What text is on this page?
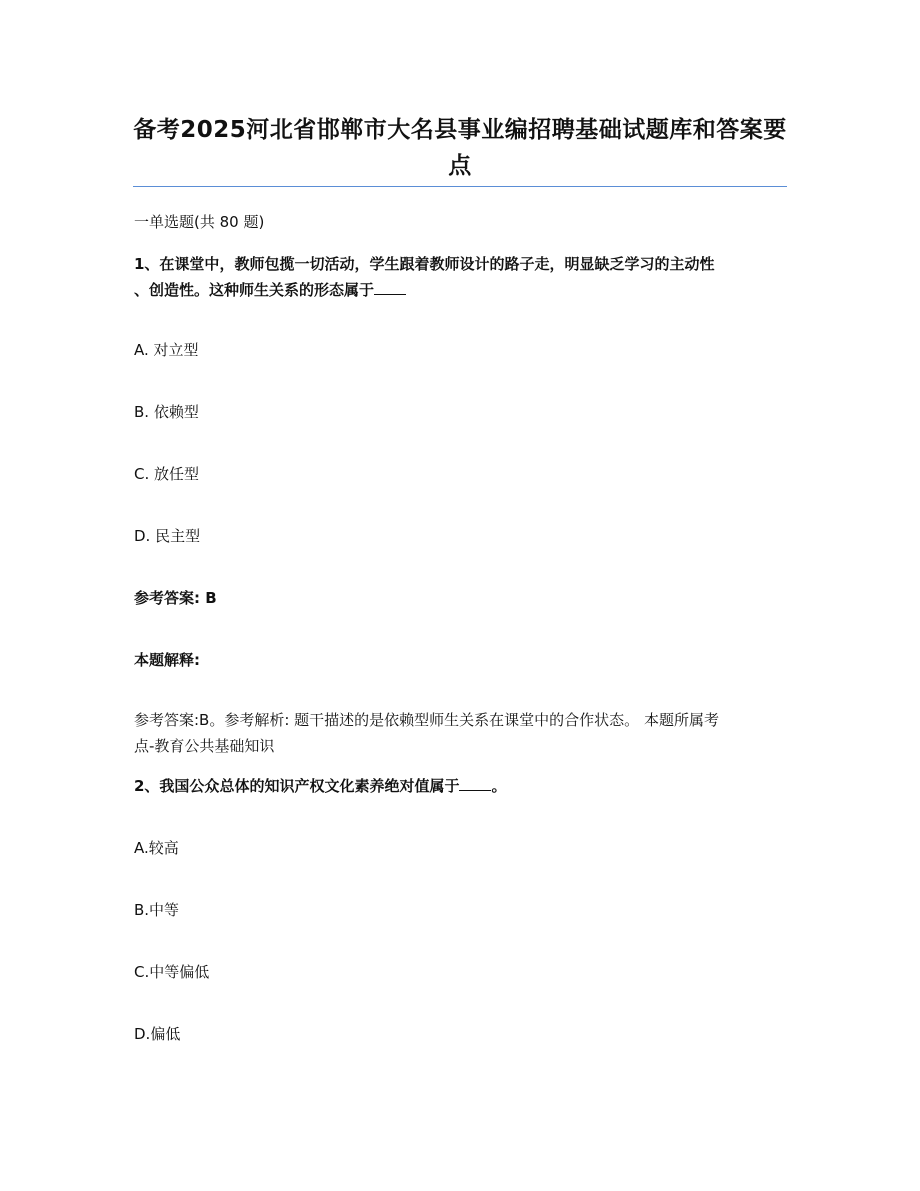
备考2025河北省邯郸市大名县事业编招聘基础试题库和答案要点
一单选题(共 80 题)
1、在课堂中，教师包揽一切活动，学生跟着教师设计的路子走，明显缺乏学习的主动性
、创造性。这种师生关系的形态属于
A. 对立型
B. 依赖型
C. 放任型
D. 民主型
参考答案: B
本题解释:
参考答案:B。参考解析: 题干描述的是依赖型师生关系在课堂中的合作状态。 本题所属考
点-教育公共基础知识
2、我国公众总体的知识产权文化素养绝对值属于 。
A.较高
B.中等
C.中等偏低
D.偏低
